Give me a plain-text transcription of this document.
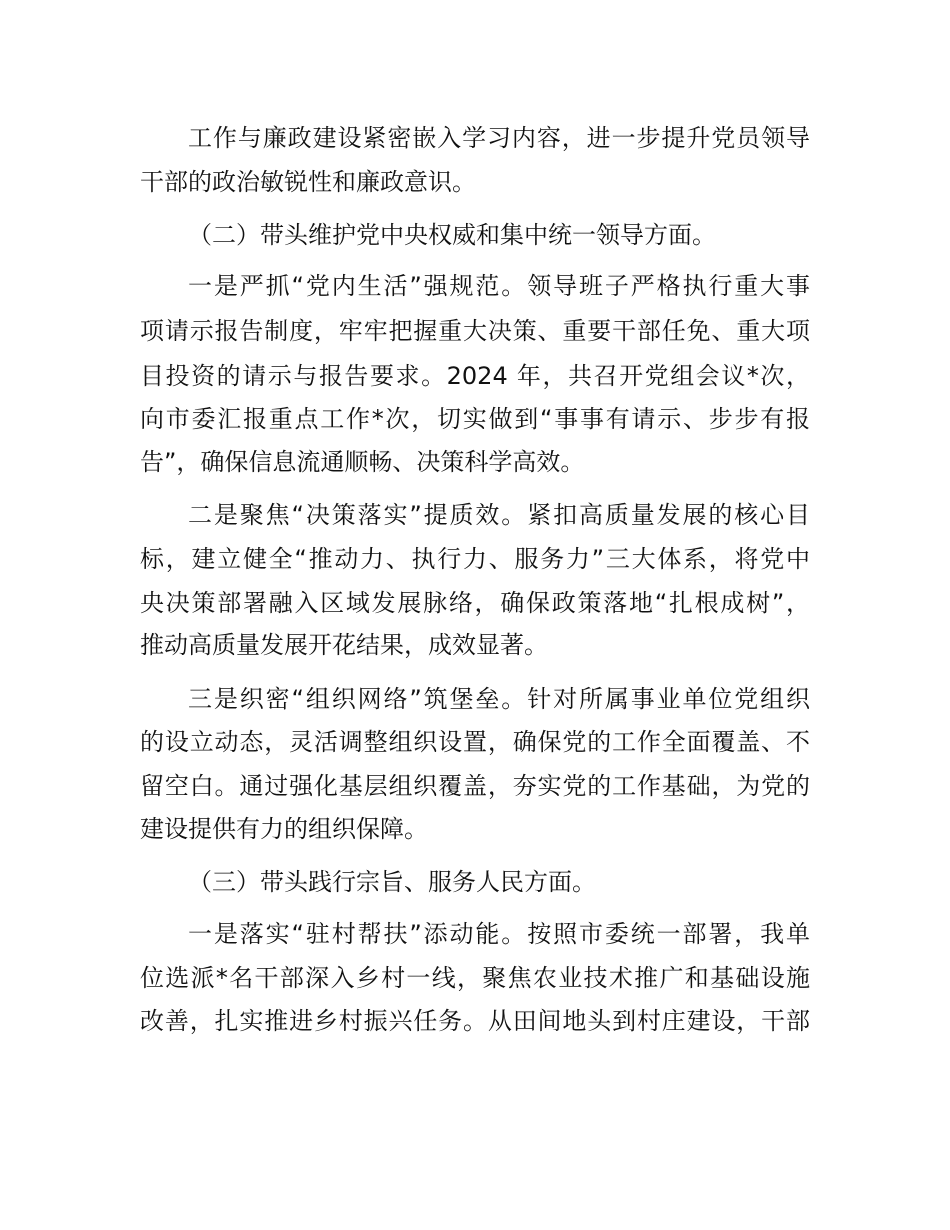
工作与廉政建设紧密嵌入学习内容，进一步提升党员领导
干部的政治敏锐性和廉政意识。
（二）带头维护党中央权威和集中统一领导方面。
一是严抓“党内生活”强规范。领导班子严格执行重大事
项请示报告制度，牢牢把握重大决策、重要干部任免、重大项
目投资的请示与报告要求。2024 年，共召开党组会议*次，
向市委汇报重点工作*次，切实做到“事事有请示、步步有报
告”，确保信息流通顺畅、决策科学高效。
二是聚焦“决策落实”提质效。紧扣高质量发展的核心目
标，建立健全“推动力、执行力、服务力”三大体系，将党中
央决策部署融入区域发展脉络，确保政策落地“扎根成树”，
推动高质量发展开花结果，成效显著。
三是织密“组织网络”筑堡垒。针对所属事业单位党组织
的设立动态，灵活调整组织设置，确保党的工作全面覆盖、不
留空白。通过强化基层组织覆盖，夯实党的工作基础，为党的
建设提供有力的组织保障。
（三）带头践行宗旨、服务人民方面。
一是落实“驻村帮扶”添动能。按照市委统一部署，我单
位选派*名干部深入乡村一线，聚焦农业技术推广和基础设施
改善，扎实推进乡村振兴任务。从田间地头到村庄建设，干部
